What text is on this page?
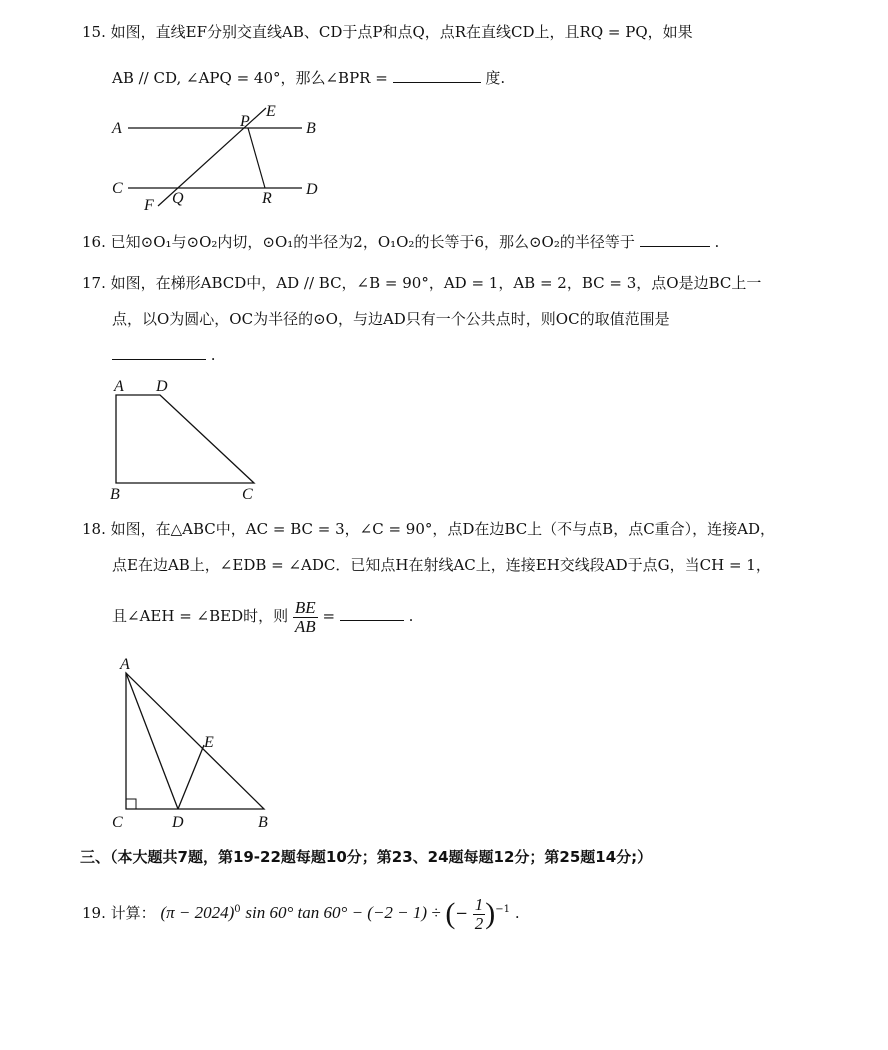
15. 如图，直线EF分别交直线AB、CD于点P和点Q，点R在直线CD上，且RQ = PQ，如果
AB // CD, ∠APQ = 40°，那么∠BPR =	度.
A	B
C	D
E
F
P
Q	R
16. 已知⊙O₁与⊙O₂内切，⊙O₁的半径为2，O₁O₂的长等于6，那么⊙O₂的半径等于	.
17. 如图，在梯形ABCD中，AD // BC，∠B = 90°，AD = 1，AB = 2，BC = 3，点O是边BC上一
点，以O为圆心，OC为半径的⊙O，与边AD只有一个公共点时，则OC的取值范围是
.
A D
B	C
18. 如图，在△ABC中，AC = BC = 3，∠C = 90°，点D在边BC上（不与点B，点C重合），连接AD，
点E在边AB上，∠EDB = ∠ADC．已知点H在射线AC上，连接EH交线段AD于点G，当CH = 1，
且∠AEH = ∠BED时，则 $\frac{BE}{AB}$ =	.
A
C	D	B
E
三、（本大题共7题，第19-22题每题10分；第23、24题每题12分；第25题14分;）
19. 计算： $(\pi - 2024)^0$ sin 60° tan 60° − (−2 − 1) ÷ (− $\frac{1}{2} )^{-1}$ .
